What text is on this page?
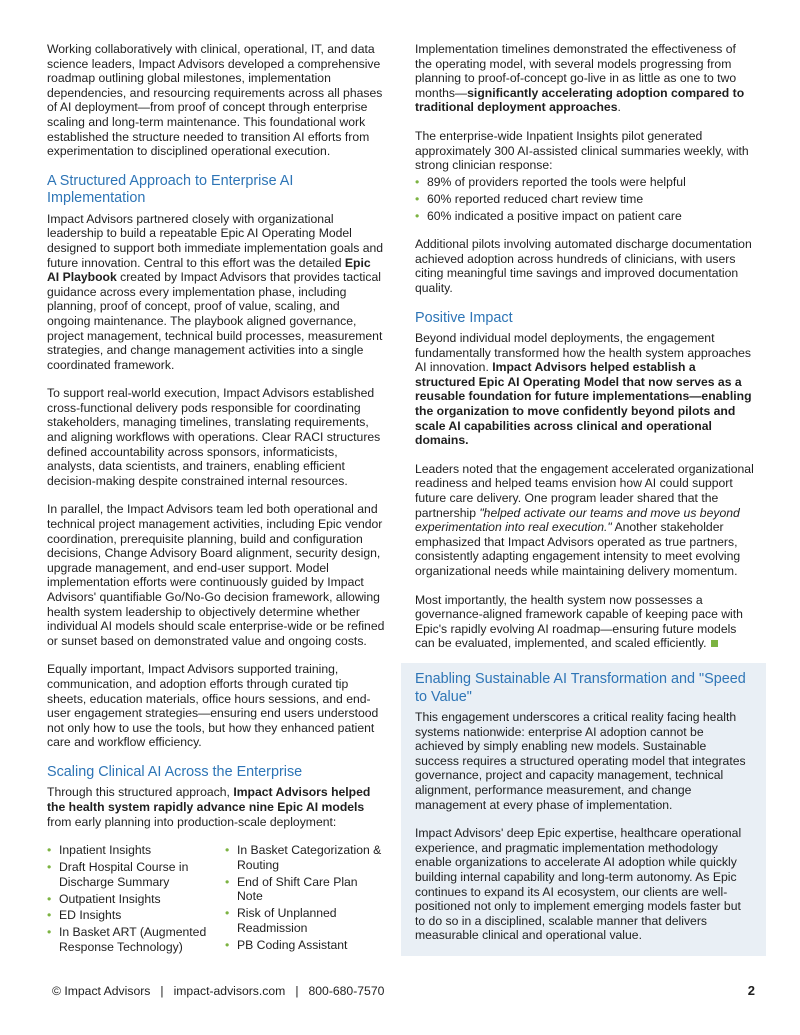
Working collaboratively with clinical, operational, IT, and data science leaders, Impact Advisors developed a comprehensive roadmap outlining global milestones, implementation dependencies, and resourcing requirements across all phases of AI deployment—from proof of concept through enterprise scaling and long-term maintenance. This foundational work established the structure needed to transition AI efforts from experimentation to disciplined operational execution.

A Structured Approach to Enterprise AI Implementation

Impact Advisors partnered closely with organizational leadership to build a repeatable Epic AI Operating Model designed to support both immediate implementation goals and future innovation. Central to this effort was the detailed Epic AI Playbook created by Impact Advisors that provides tactical guidance across every implementation phase, including planning, proof of concept, proof of value, scaling, and ongoing maintenance. The playbook aligned governance, project management, technical build processes, measurement strategies, and change management activities into a single coordinated framework.

To support real-world execution, Impact Advisors established cross-functional delivery pods responsible for coordinating stakeholders, managing timelines, translating requirements, and aligning workflows with operations. Clear RACI structures defined accountability across sponsors, informaticists, analysts, data scientists, and trainers, enabling efficient decision-making despite constrained internal resources.

In parallel, the Impact Advisors team led both operational and technical project management activities, including Epic vendor coordination, prerequisite planning, build and configuration decisions, Change Advisory Board alignment, security design, upgrade management, and end-user support. Model implementation efforts were continuously guided by Impact Advisors' quantifiable Go/No-Go decision framework, allowing health system leadership to objectively determine whether individual AI models should scale enterprise-wide or be refined or sunset based on demonstrated value and ongoing costs.

Equally important, Impact Advisors supported training, communication, and adoption efforts through curated tip sheets, education materials, office hours sessions, and end-user engagement strategies—ensuring end users understood not only how to use the tools, but how they enhanced patient care and workflow efficiency.

Scaling Clinical AI Across the Enterprise

Through this structured approach, Impact Advisors helped the health system rapidly advance nine Epic AI models from early planning into production-scale deployment:

• Inpatient Insights
• Draft Hospital Course in Discharge Summary
• Outpatient Insights
• ED Insights
• In Basket ART (Augmented Response Technology)
• In Basket Categorization & Routing
• End of Shift Care Plan Note
• Risk of Unplanned Readmission
• PB Coding Assistant

Implementation timelines demonstrated the effectiveness of the operating model, with several models progressing from planning to proof-of-concept go-live in as little as one to two months—significantly accelerating adoption compared to traditional deployment approaches.

The enterprise-wide Inpatient Insights pilot generated approximately 300 AI-assisted clinical summaries weekly, with strong clinician response:

• 89% of providers reported the tools were helpful
• 60% reported reduced chart review time
• 60% indicated a positive impact on patient care

Additional pilots involving automated discharge documentation achieved adoption across hundreds of clinicians, with users citing meaningful time savings and improved documentation quality.

Positive Impact

Beyond individual model deployments, the engagement fundamentally transformed how the health system approaches AI innovation. Impact Advisors helped establish a structured Epic AI Operating Model that now serves as a reusable foundation for future implementations—enabling the organization to move confidently beyond pilots and scale AI capabilities across clinical and operational domains.

Leaders noted that the engagement accelerated organizational readiness and helped teams envision how AI could support future care delivery. One program leader shared that the partnership "helped activate our teams and move us beyond experimentation into real execution." Another stakeholder emphasized that Impact Advisors operated as true partners, consistently adapting engagement intensity to meet evolving organizational needs while maintaining delivery momentum.

Most importantly, the health system now possesses a governance-aligned framework capable of keeping pace with Epic's rapidly evolving AI roadmap—ensuring future models can be evaluated, implemented, and scaled efficiently.

Enabling Sustainable AI Transformation and "Speed to Value"

This engagement underscores a critical reality facing health systems nationwide: enterprise AI adoption cannot be achieved by simply enabling new models. Sustainable success requires a structured operating model that integrates governance, project and capacity management, technical alignment, performance measurement, and change management at every phase of implementation.

Impact Advisors' deep Epic expertise, healthcare operational experience, and pragmatic implementation methodology enable organizations to accelerate AI adoption while quickly building internal capability and long-term autonomy. As Epic continues to expand its AI ecosystem, our clients are well-positioned not only to implement emerging models faster but to do so in a disciplined, scalable manner that delivers measurable clinical and operational value.

© Impact Advisors | impact-advisors.com | 800-680-7570	2
